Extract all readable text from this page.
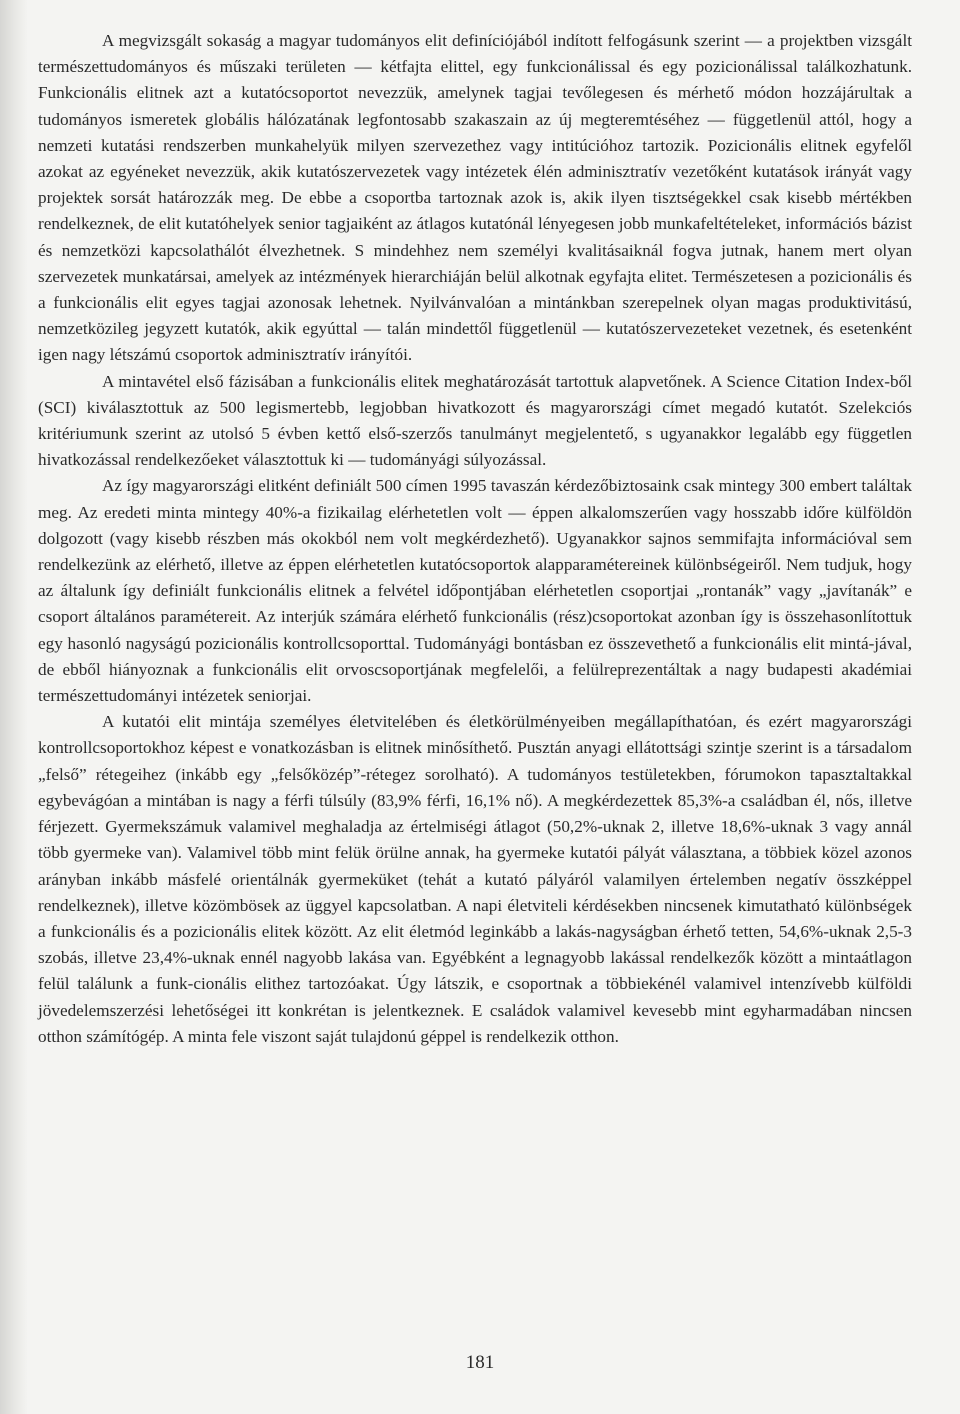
A megvizsgált sokaság a magyar tudományos elit definíciójából indított felfogásunk szerint — a projektben vizsgált természettudományos és műszaki területen — kétfajta elittel, egy funkcionálissal és egy pozicionálissal találkozhatunk. Funkcionális elitnek azt a kutatócsoportot nevezzük, amelynek tagjai tevőlegesen és mérhető módon hozzájárultak a tudományos ismeretek globális hálózatának legfontosabb szakaszain az új megteremtéséhez — függetlenül attól, hogy a nemzeti kutatási rendszerben munkahelyük milyen szervezethez vagy intitúcióhoz tartozik. Pozicionális elitnek egyfelől azokat az egyéneket nevezzük, akik kutatószervezetek vagy intézetek élén adminisztratív vezetőként kutatások irányát vagy projektek sorsát határozzák meg. De ebbe a csoportba tartoznak azok is, akik ilyen tisztségekkel csak kisebb mértékben rendelkeznek, de elit kutatóhelyek senior tagjaiként az átlagos kutatónál lényegesen jobb munkafeltételeket, információs bázist és nemzetközi kapcsolathálót élvezhetnek. S mindehhez nem személyi kvalitásaiknál fogva jutnak, hanem mert olyan szervezetek munkatársai, amelyek az intézmények hierarchiáján belül alkotnak egyfajta elitet. Természetesen a pozicionális és a funkcionális elit egyes tagjai azonosak lehetnek. Nyilvánvalóan a mintánkban szerepelnek olyan magas produktivitású, nemzetközileg jegyzett kutatók, akik egyúttal — talán mindettől függetlenül — kutatószervezeteket vezetnek, és esetenként igen nagy létszámú csoportok adminisztratív irányítói.

A mintavétel első fázisában a funkcionális elitek meghatározását tartottuk alapvetőnek. A Science Citation Index-ből (SCI) kiválasztottuk az 500 legismertebb, legjobban hivatkozott és magyarországi címet megadó kutatót. Szelekciós kritériumunk szerint az utolsó 5 évben kettő első-szerzős tanulmányt megjelentető, s ugyanakkor legalább egy független hivatkozással rendelkezőeket választottuk ki — tudományági súlyozással.

Az így magyarországi elitként definiált 500 címen 1995 tavaszán kérdezőbiztosaink csak mintegy 300 embert találtak meg. Az eredeti minta mintegy 40%-a fizikailag elérhetetlen volt — éppen alkalomszerűen vagy hosszabb időre külföldön dolgozott (vagy kisebb részben más okokból nem volt megkérdezhető). Ugyanakkor sajnos semmifajta információval sem rendelkezünk az elérhető, illetve az éppen elérhetetlen kutatócsoportok alapparamétereinek különbségeiről. Nem tudjuk, hogy az általunk így definiált funkcionális elitnek a felvétel időpontjában elérhetetlen csoportjai „rontanák” vagy „javítanák” e csoport általános paramétereit. Az interjúk számára elérhető funkcionális (rész)csoportokat azonban így is összehasonlítottuk egy hasonló nagyságú pozicionális kontrollcsoporttal. Tudományági bontásban ez összevethető a funkcionális elit mintá-jával, de ebből hiányoznak a funkcionális elit orvoscsoportjának megfelelői, a felülreprezentáltak a nagy budapesti akadémiai természettudományi intézetek seniorjai.

A kutatói elit mintája személyes életvitelében és életkörülményeiben megállapíthatóan, és ezért magyarországi kontrollcsoportokhoz képest e vonatkozásban is elitnek minősíthető. Pusztán anyagi ellátottsági szintje szerint is a társadalom „felső” rétegeihez (inkább egy „felsőközép”-rétegez sorolható). A tudományos testületekben, fórumokon tapasztaltakkal egybevágóan a mintában is nagy a férfi túlsúly (83,9% férfi, 16,1% nő). A megkérdezettek 85,3%-a családban él, nős, illetve férjezett. Gyermekszámuk valamivel meghaladja az értelmiségi átlagot (50,2%-uknak 2, illetve 18,6%-uknak 3 vagy annál több gyermeke van). Valamivel több mint felük örülne annak, ha gyermeke kutatói pályát választana, a többiek közel azonos arányban inkább másfelé orientálnák gyermeküket (tehát a kutató pályáról valamilyen értelemben negatív összképpel rendelkeznek), illetve közömbösek az üggyel kapcsolatban. A napi életviteli kérdésekben nincsenek kimutatható különbségek a funkcionális és a pozicionális elitek között. Az elit életmód leginkább a lakás-nagyságban érhető tetten, 54,6%-uknak 2,5-3 szobás, illetve 23,4%-uknak ennél nagyobb lakása van. Egyébként a legnagyobb lakással rendelkezők között a mintaátlagon felül találunk a funk-cionális elithez tartozóakat. Úgy látszik, e csoportnak a többiekénél valamivel intenzívebb külföldi jövedelemszerzési lehetőségei itt konkrétan is jelentkeznek. E családok valamivel kevesebb mint egyharmadában nincsen otthon számítógép. A minta fele viszont saját tulajdonú géppel is rendelkezik otthon.

181
